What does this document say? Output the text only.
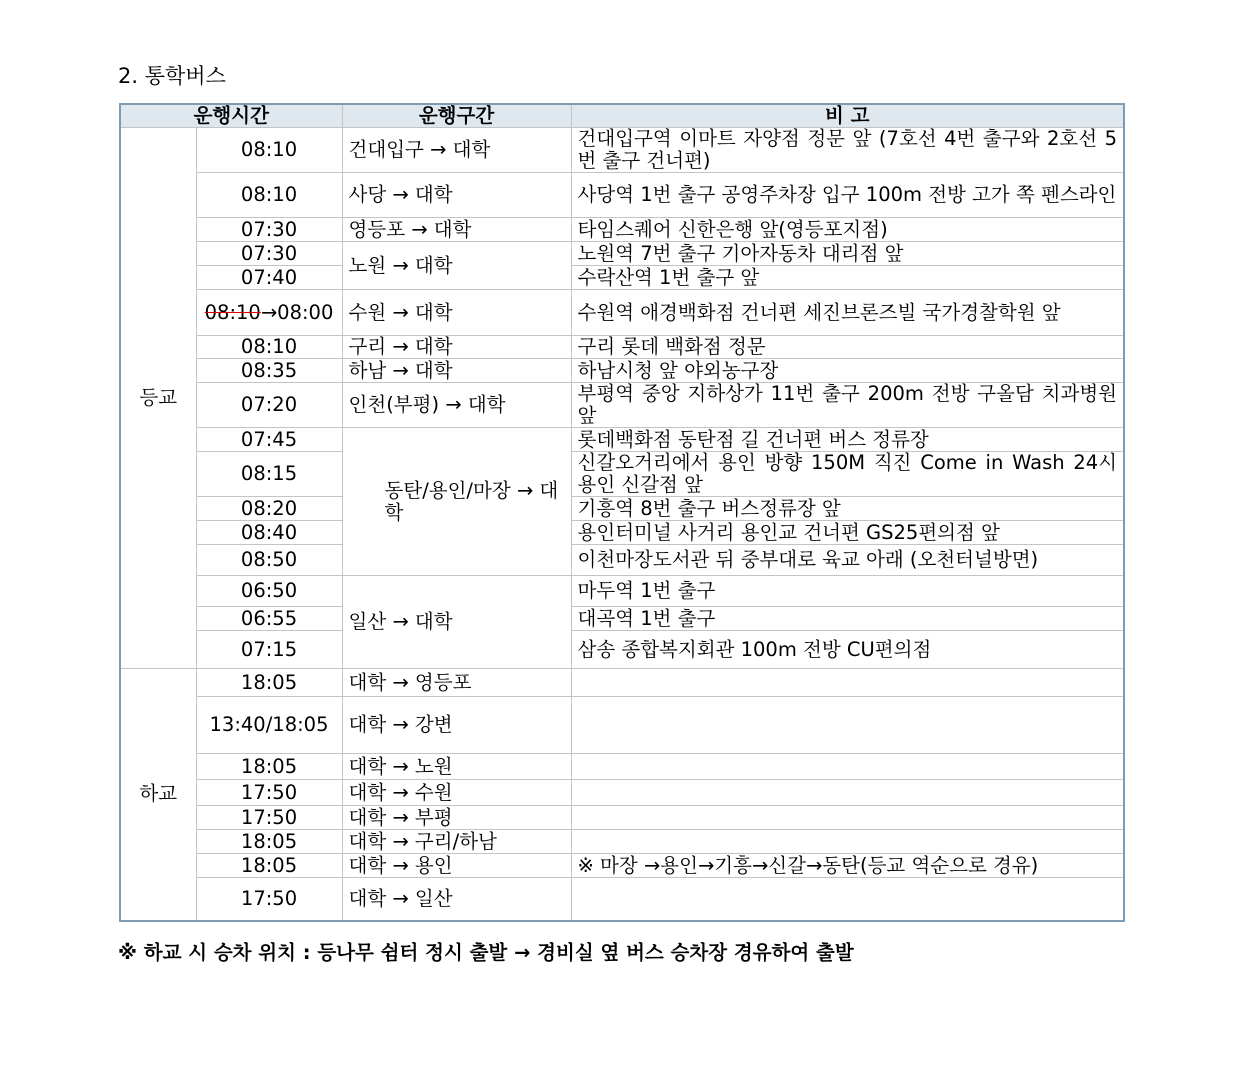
2. 통학버스
운행시간		운행구간	비 고
등교	08:10	건대입구 → 대학	건대입구역 이마트 자양점 정문 앞 (7호선 4번 출구와 2호선 5번 출구 건너편)
	08:10	사당 → 대학	사당역 1번 출구 공영주차장 입구 100m 전방 고가 쪽 펜스라인
	07:30	영등포 → 대학	타임스퀘어 신한은행 앞(영등포지점)
	07:30	노원 → 대학	노원역 7번 출구 기아자동차 대리점 앞
	07:40		수락산역 1번 출구 앞
	08:10→08:00	수원 → 대학	수원역 애경백화점 건너편 세진브론즈빌 국가경찰학원 앞
	08:10	구리 → 대학	구리 롯데 백화점 정문
	08:35	하남 → 대학	하남시청 앞 야외농구장
	07:20	인천(부평) → 대학	부평역 중앙 지하상가 11번 출구 200m 전방 구올담 치과병원 앞
	07:45	동탄/용인/마장 → 대학	롯데백화점 동탄점 길 건너편 버스 정류장
	08:15		신갈오거리에서 용인 방향 150M 직진 Come in Wash 24시 용인 신갈점 앞
	08:20		기흥역 8번 출구 버스정류장 앞
	08:40		용인터미널 사거리 용인교 건너편 GS25편의점 앞
	08:50		이천마장도서관 뒤 중부대로 육교 아래 (오천터널방면)
	06:50	일산 → 대학	마두역 1번 출구
	06:55		대곡역 1번 출구
	07:15		삼송 종합복지회관 100m 전방 CU편의점
하교	18:05	대학 → 영등포	
	13:40/18:05	대학 → 강변	
	18:05	대학 → 노원	
	17:50	대학 → 수원	
	17:50	대학 → 부평	
	18:05	대학 → 구리/하남	
	18:05	대학 → 용인	※ 마장 →용인→기흥→신갈→동탄(등교 역순으로 경유)
	17:50	대학 → 일산	
※ 하교 시 승차 위치 : 등나무 쉼터 정시 출발 → 경비실 옆 버스 승차장 경유하여 출발
